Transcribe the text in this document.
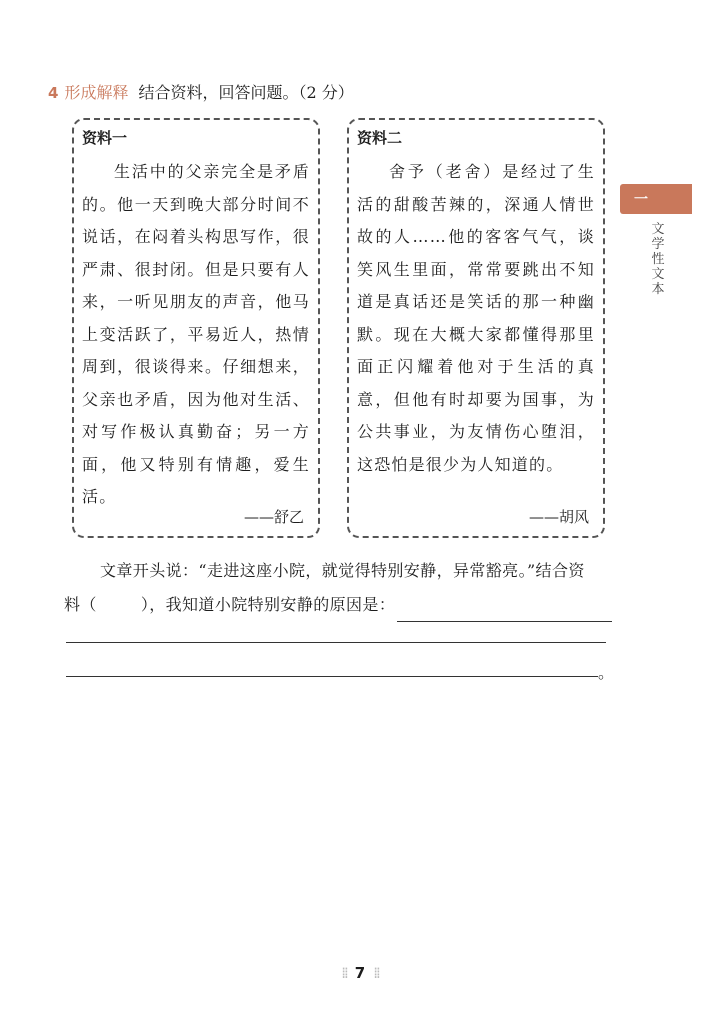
4 形成解释 结合资料，回答问题。（2 分）
资料一
生活中的父亲完全是矛盾的。他一天到晚大部分时间不说话，在闷着头构思写作，很严肃、很封闭。但是只要有人来，一听见朋友的声音，他马上变活跃了，平易近人，热情周到，很谈得来。仔细想来，父亲也矛盾，因为他对生活、对写作极认真勤奋；另一方面，他又特别有情趣，爱生活。
——舒乙
资料二
舍予（老舍）是经过了生活的甜酸苦辣的，深通人情世故的人……他的客客气气，谈笑风生里面，常常要跳出不知道是真话还是笑话的那一种幽默。现在大概大家都懂得那里面正闪耀着他对于生活的真意，但他有时却要为国事，为公共事业，为友情伤心堕泪，这恐怕是很少为人知道的。
——胡风
一
文学性文本
文章开头说：“走进这座小院，就觉得特别安静，异常豁亮。”结合资
料（	），我知道小院特别安静的原因是：
。
⁞⁞ 7 ⁞⁞
